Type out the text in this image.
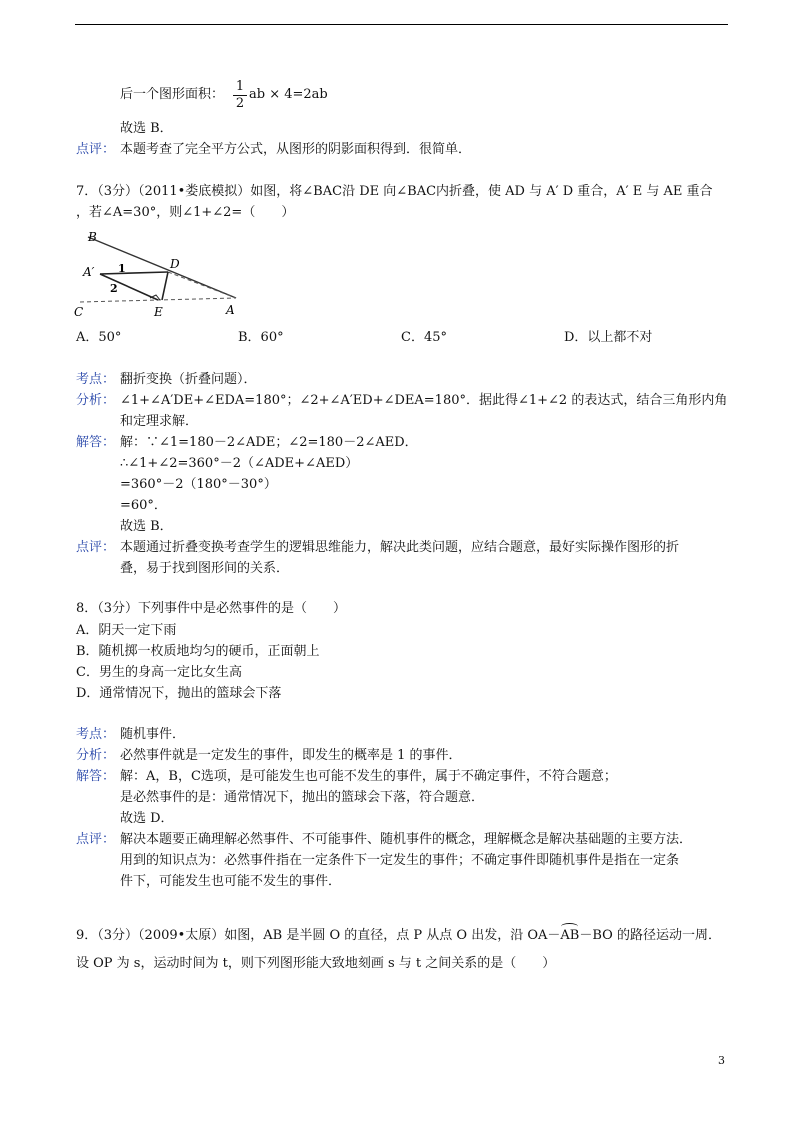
后一个图形面积：
1
2
ab × 4=2ab
故选 B．
点评： 本题考查了完全平方公式，从图形的阴影面积得到．很简单．
7．（3分）（2011•娄底模拟）如图，将∠BAC沿 DE 向∠BAC内折叠，使 AD 与 A′ D 重合，A′ E 与 AE 重合
，若∠A=30°，则∠1+∠2=（　　）
B
D
A′ 1
2
C	E	A
A．50°	B．60°	C．45°	D．以上都不对
考点： 翻折变换（折叠问题）．
分析： ∠1+∠A′DE+∠EDA=180°；∠2+∠A′ED+∠DEA=180°．据此得∠1+∠2 的表达式，结合三角形内角
和定理求解．
解答： 解：∵∠1=180－2∠ADE；∠2=180－2∠AED．
∴∠1+∠2=360°－2（∠ADE+∠AED）
=360°－2（180°－30°）
=60°．
故选 B．
点评： 本题通过折叠变换考查学生的逻辑思维能力，解决此类问题，应结合题意，最好实际操作图形的折
叠，易于找到图形间的关系．
8．（3分）下列事件中是必然事件的是（　　）
A．阴天一定下雨
B．随机掷一枚质地均匀的硬币，正面朝上
C．男生的身高一定比女生高
D．通常情况下，抛出的篮球会下落
考点： 随机事件．
分析： 必然事件就是一定发生的事件，即发生的概率是 1 的事件．
解答： 解：A，B，C选项，是可能发生也可能不发生的事件，属于不确定事件，不符合题意；
是必然事件的是：通常情况下，抛出的篮球会下落，符合题意．
故选 D．
点评： 解决本题要正确理解必然事件、不可能事件、随机事件的概念，理解概念是解决基础题的主要方法．
用到的知识点为：必然事件指在一定条件下一定发生的事件；不确定事件即随机事件是指在一定条
件下，可能发生也可能不发生的事件．
9．（3分）（2009•太原）如图，AB 是半圆 O 的直径，点 P 从点 O 出发，沿 OA－AB－BO 的路径运动一周．
设 OP 为 s，运动时间为 t，则下列图形能大致地刻画 s 与 t 之间关系的是（　　）
3
